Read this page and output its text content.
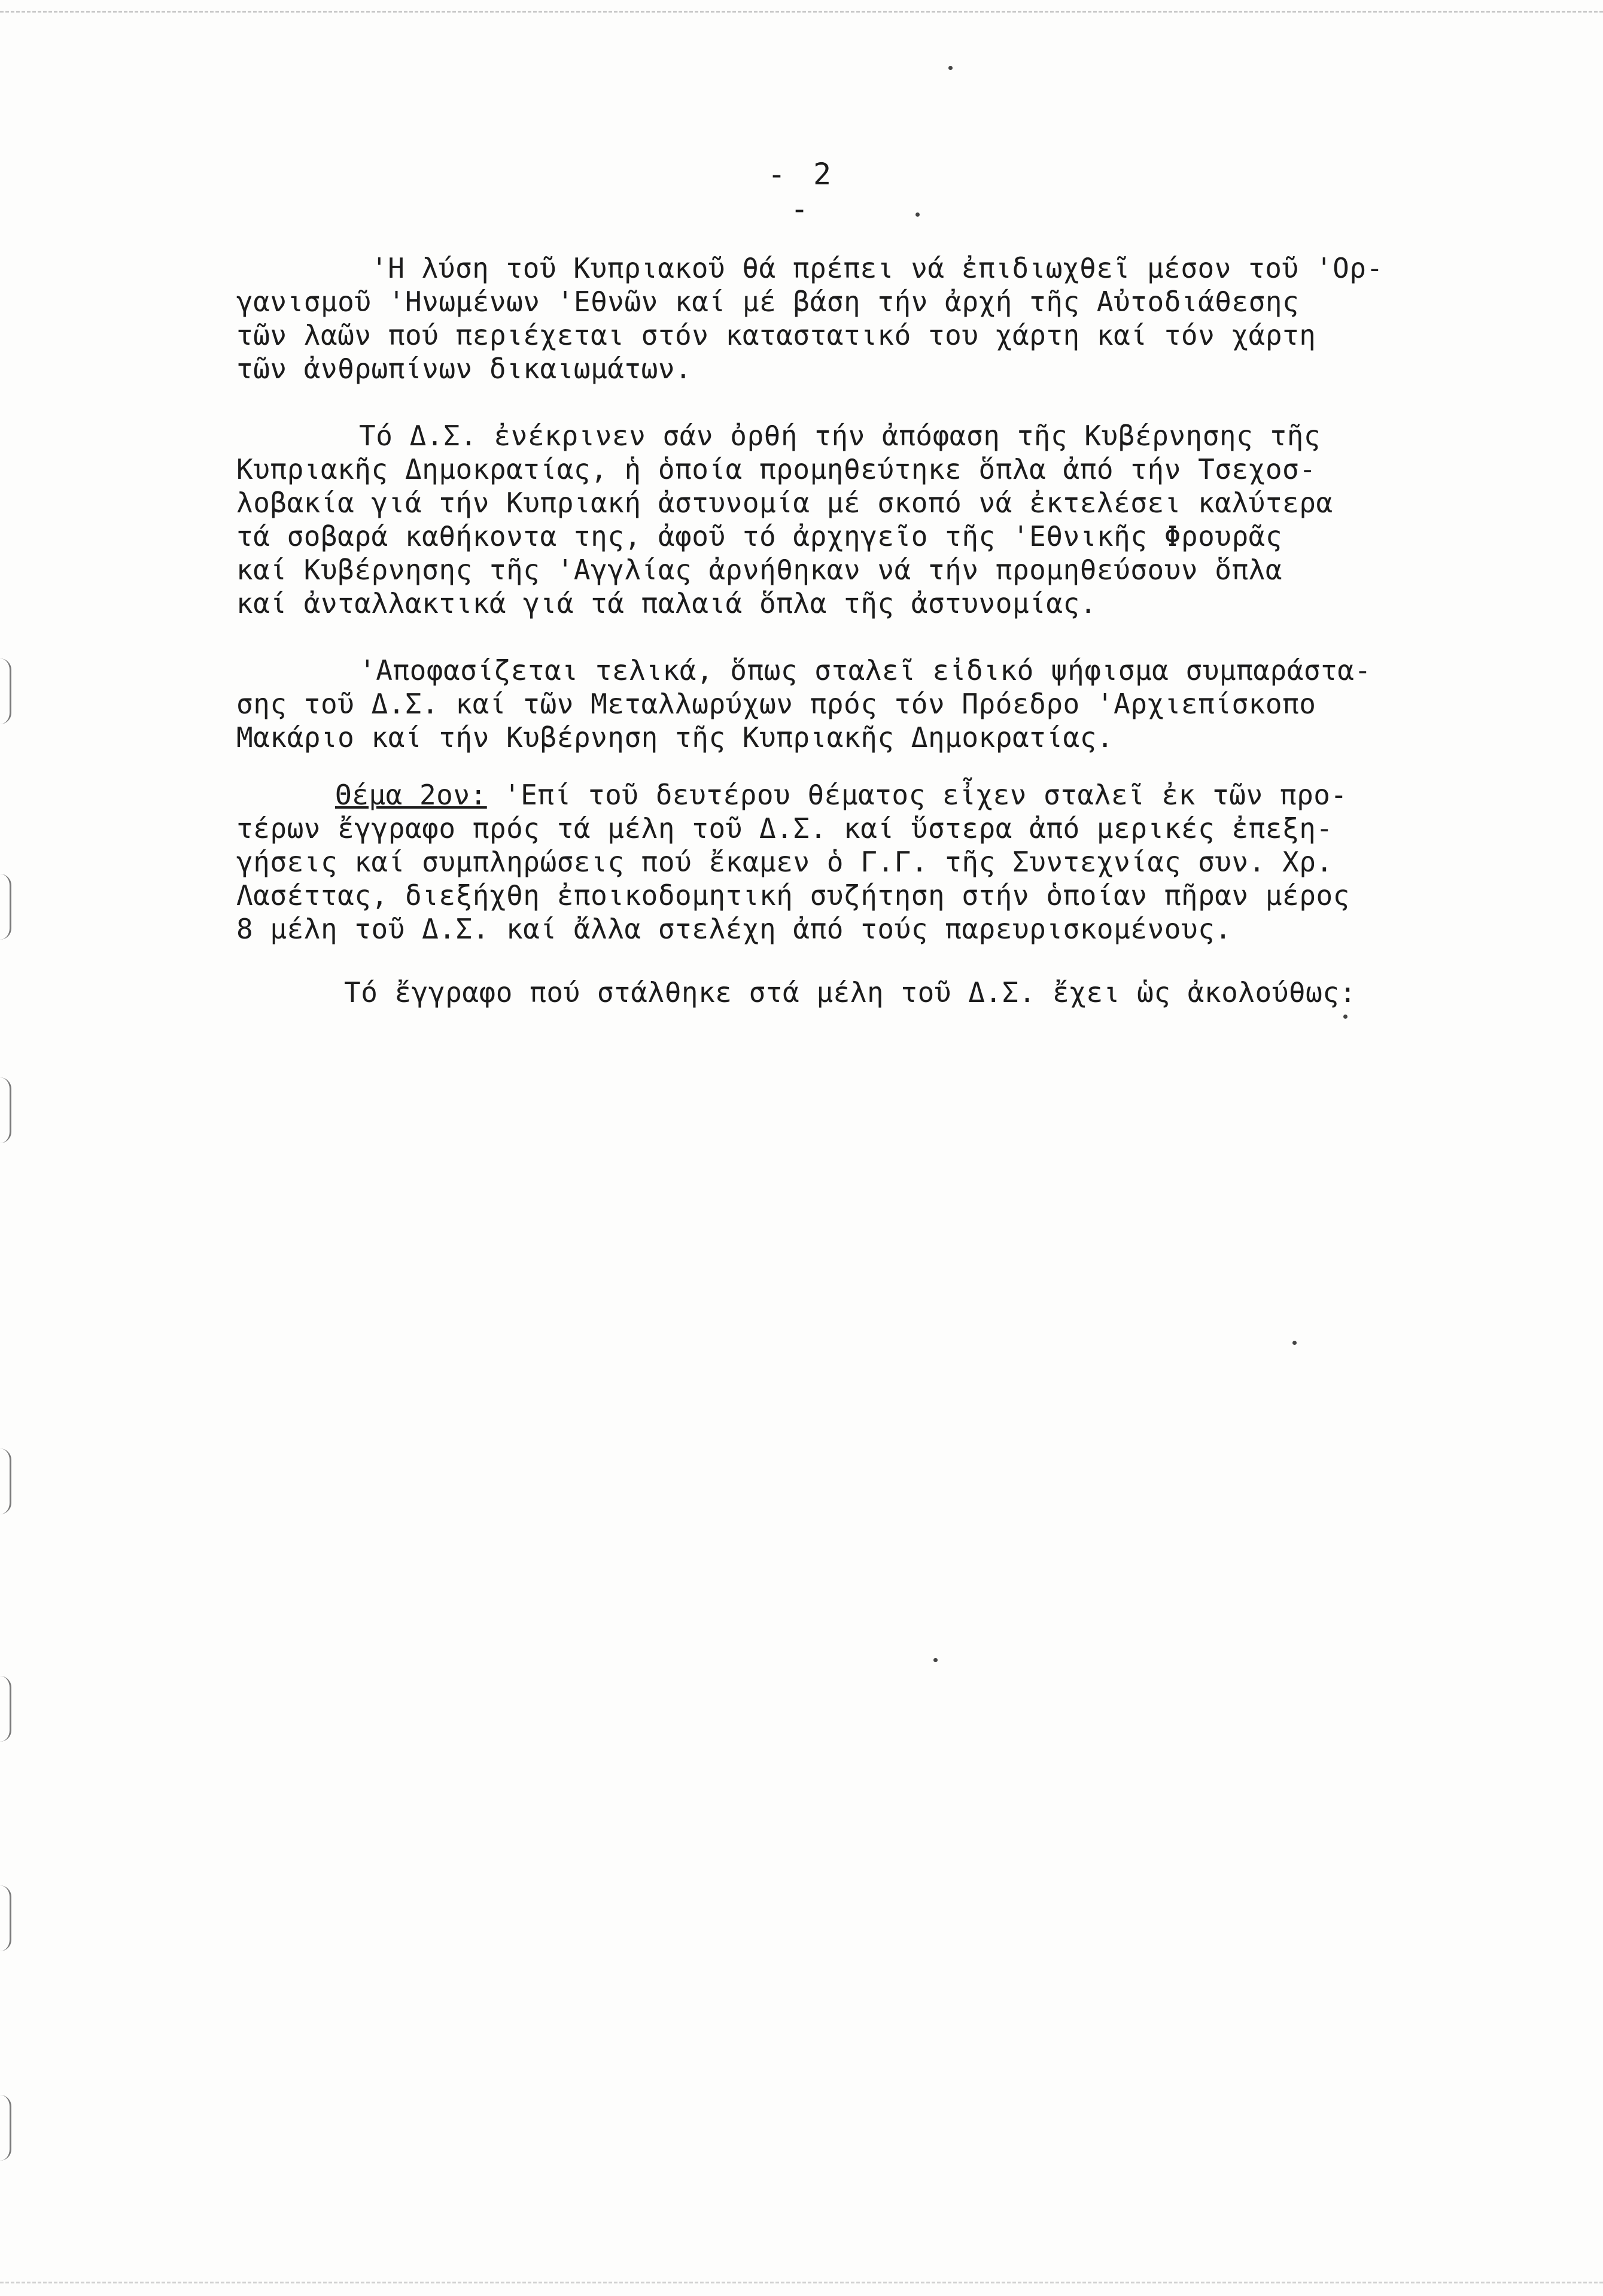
- 2 -
'Η λύση τοῦ Κυπριακοῦ θά πρέπει νά ἐπιδιωχθεῖ μέσον τοῦ 'Ορ-
γανισμοῦ 'Ηνωμένων 'Εθνῶν καί μέ βάση τήν ἀρχή τῆς Αὐτοδιάθεσης
τῶν λαῶν πού περιέχεται στόν καταστατικό του χάρτη καί τόν χάρτη
τῶν ἀνθρωπίνων δικαιωμάτων.
Τό Δ.Σ. ἐνέκρινεν σάν ὀρθή τήν ἀπόφαση τῆς Κυβέρνησης τῆς
Κυπριακῆς Δημοκρατίας, ἡ ὁποία προμηθεύτηκε ὅπλα ἀπό τήν Τσεχοσ-
λοβακία γιά τήν Κυπριακή ἀστυνομία μέ σκοπό νά ἐκτελέσει καλύτερα
τά σοβαρά καθήκοντα της, ἀφοῦ τό ἀρχηγεῖο τῆς 'Εθνικῆς Φρουρᾶς
καί Κυβέρνησης τῆς 'Αγγλίας ἀρνήθηκαν νά τήν προμηθεύσουν ὅπλα
καί ἀνταλλακτικά γιά τά παλαιά ὅπλα τῆς ἀστυνομίας.
'Αποφασίζεται τελικά, ὅπως σταλεῖ εἰδικό ψήφισμα συμπαράστα-
σης τοῦ Δ.Σ. καί τῶν Μεταλλωρύχων πρός τόν Πρόεδρο 'Αρχιεπίσκοπο
Μακάριο καί τήν Κυβέρνηση τῆς Κυπριακῆς Δημοκρατίας.
Θέμα 2ον: 'Επί τοῦ δευτέρου θέματος εἶχεν σταλεῖ ἐκ τῶν προ-
τέρων ἔγγραφο πρός τά μέλη τοῦ Δ.Σ. καί ὕστερα ἀπό μερικές ἐπεξη-
γήσεις καί συμπληρώσεις πού ἔκαμεν ὁ Γ.Γ. τῆς Συντεχνίας συν. Χρ.
Λασέττας, διεξήχθη ἐποικοδομητική συζήτηση στήν ὁποίαν πῆραν μέρος
8 μέλη τοῦ Δ.Σ. καί ἄλλα στελέχη ἀπό τούς παρευρισκομένους.
Τό ἔγγραφο πού στάλθηκε στά μέλη τοῦ Δ.Σ. ἔχει ὡς ἀκολούθως:
